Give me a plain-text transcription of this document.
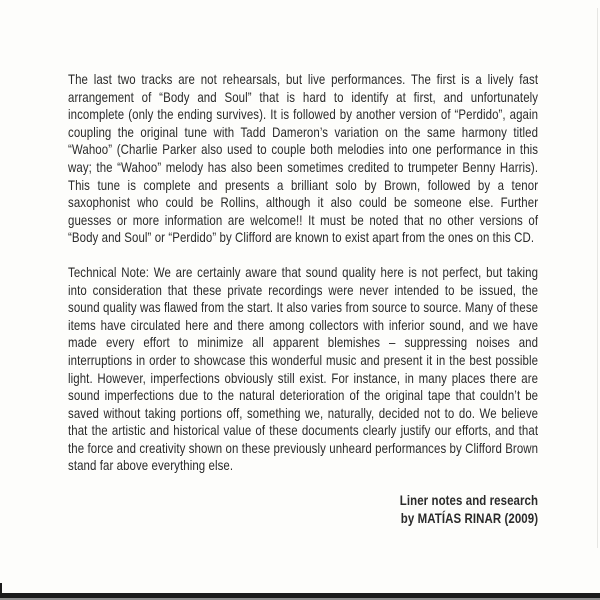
The last two tracks are not rehearsals, but live performances. The first is a lively fast arrangement of “Body and Soul” that is hard to identify at first, and unfortunately incomplete (only the ending survives). It is followed by another version of “Perdido”, again coupling the original tune with Tadd Dameron’s variation on the same harmony titled “Wahoo” (Charlie Parker also used to couple both melodies into one performance in this way; the “Wahoo” melody has also been sometimes credited to trumpeter Benny Harris). This tune is complete and presents a brilliant solo by Brown, followed by a tenor saxophonist who could be Rollins, although it also could be someone else. Further guesses or more information are welcome!! It must be noted that no other versions of “Body and Soul” or “Perdido” by Clifford are known to exist apart from the ones on this CD.

Technical Note: We are certainly aware that sound quality here is not perfect, but taking into consideration that these private recordings were never intended to be issued, the sound quality was flawed from the start. It also varies from source to source. Many of these items have circulated here and there among collectors with inferior sound, and we have made every effort to minimize all apparent blemishes – suppressing noises and interruptions in order to showcase this wonderful music and present it in the best possible light. However, imperfections obviously still exist. For instance, in many places there are sound imperfections due to the natural deterioration of the original tape that couldn’t be saved without taking portions off, something we, naturally, decided not to do. We believe that the artistic and historical value of these documents clearly justify our efforts, and that the force and creativity shown on these previously unheard performances by Clifford Brown stand far above everything else.

Liner notes and research
by MATÍAS RINAR (2009)
